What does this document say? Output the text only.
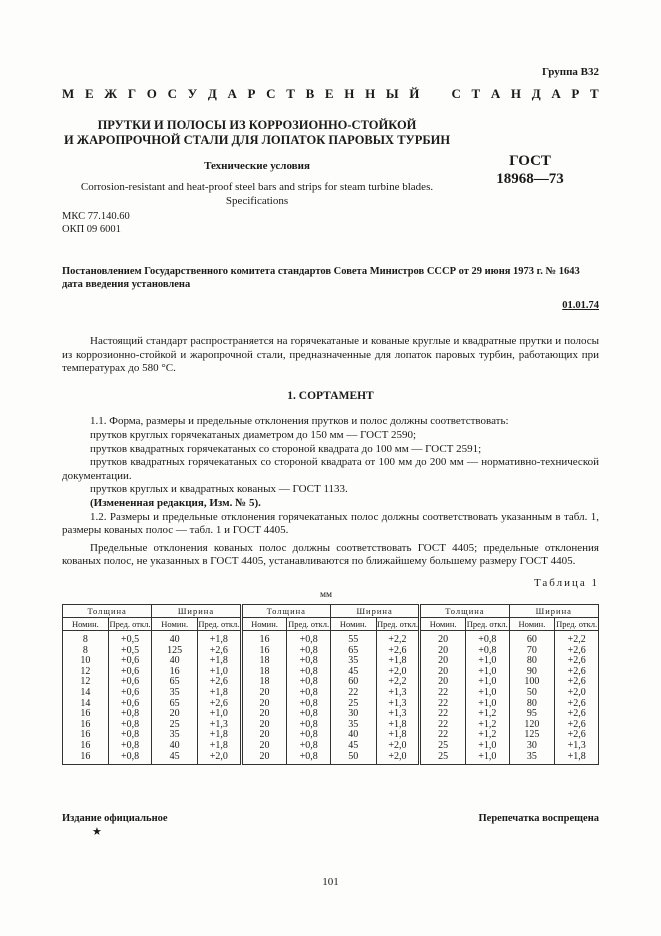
Группа В32
М Е Ж Г О С У Д А Р С Т В Е Н Н Ы Й С Т А Н Д А Р Т
ПРУТКИ И ПОЛОСЫ ИЗ КОРРОЗИОННО-СТОЙКОЙ
И ЖАРОПРОЧНОЙ СТАЛИ ДЛЯ ЛОПАТОК ПАРОВЫХ ТУРБИН
Технические условия
Corrosion-resistant and heat-proof steel bars and strips for steam turbine blades.
Specifications
ГОСТ
18968—73
МКС 77.140.60
ОКП 09 6001
Постановлением Государственного комитета стандартов Совета Министров СССР от 29 июня 1973 г. № 1643
дата введения установлена
01.01.74

Настоящий стандарт распространяется на горячекатаные и кованые круглые и квадратные прутки и полосы из коррозионно-стойкой и жаропрочной стали, предназначенные для лопаток паровых турбин, работающих при температурах до 580 °С.

1. СОРТАМЕНТ

1.1. Форма, размеры и предельные отклонения прутков и полос должны соответствовать:

прутков круглых горячекатаных диаметром до 150 мм — ГОСТ 2590;

прутков квадратных горячекатаных со стороной квадрата до 100 мм — ГОСТ 2591;

прутков квадратных горячекатаных со стороной квадрата от 100 мм до 200 мм — нормативно-технической документации.

прутков круглых и квадратных кованых — ГОСТ 1133.

(Измененная редакция, Изм. № 5).

1.2. Размеры и предельные отклонения горячекатаных полос должны соответствовать указанным в табл. 1, размеры кованых полос — табл. 1 и ГОСТ 4405.

Предельные отклонения кованых полос должны соответствовать ГОСТ 4405; предельные отклонения кованых полос, не указанных в ГОСТ 4405, устанавливаются по ближайшему большему размеру ГОСТ 4405.

Таблица 1
мм
Толщина		Ширина		Толщина		Ширина		Толщина		Ширина	
Номин.	Пред. откл.	Номин.	Пред. откл.	Номин.	Пред. откл.	Номин.	Пред. откл.	Номин.	Пред. откл.	Номин.	Пред. откл.
8	+0,5	40	+1,8	16	+0,8	55	+2,2	20	+0,8	60	+2,2
8	+0,5	125	+2,6	16	+0,8	65	+2,6	20	+0,8	70	+2,6
10	+0,6	40	+1,8	18	+0,8	35	+1,8	20	+1,0	80	+2,6
12	+0,6	16	+1,0	18	+0,8	45	+2,0	20	+1,0	90	+2,6
12	+0,6	65	+2,6	18	+0,8	60	+2,2	20	+1,0	100	+2,6
14	+0,6	35	+1,8	20	+0,8	22	+1,3	22	+1,0	50	+2,0
14	+0,6	65	+2,6	20	+0,8	25	+1,3	22	+1,0	80	+2,6
16	+0,8	20	+1,0	20	+0,8	30	+1,3	22	+1,2	95	+2,6
16	+0,8	25	+1,3	20	+0,8	35	+1,8	22	+1,2	120	+2,6
16	+0,8	35	+1,8	20	+0,8	40	+1,8	22	+1,2	125	+2,6
16	+0,8	40	+1,8	20	+0,8	45	+2,0	25	+1,0	30	+1,3
16	+0,8	45	+2,0	20	+0,8	50	+2,0	25	+1,0	35	+1,8
Издание официальное
★
Перепечатка воспрещена
101
